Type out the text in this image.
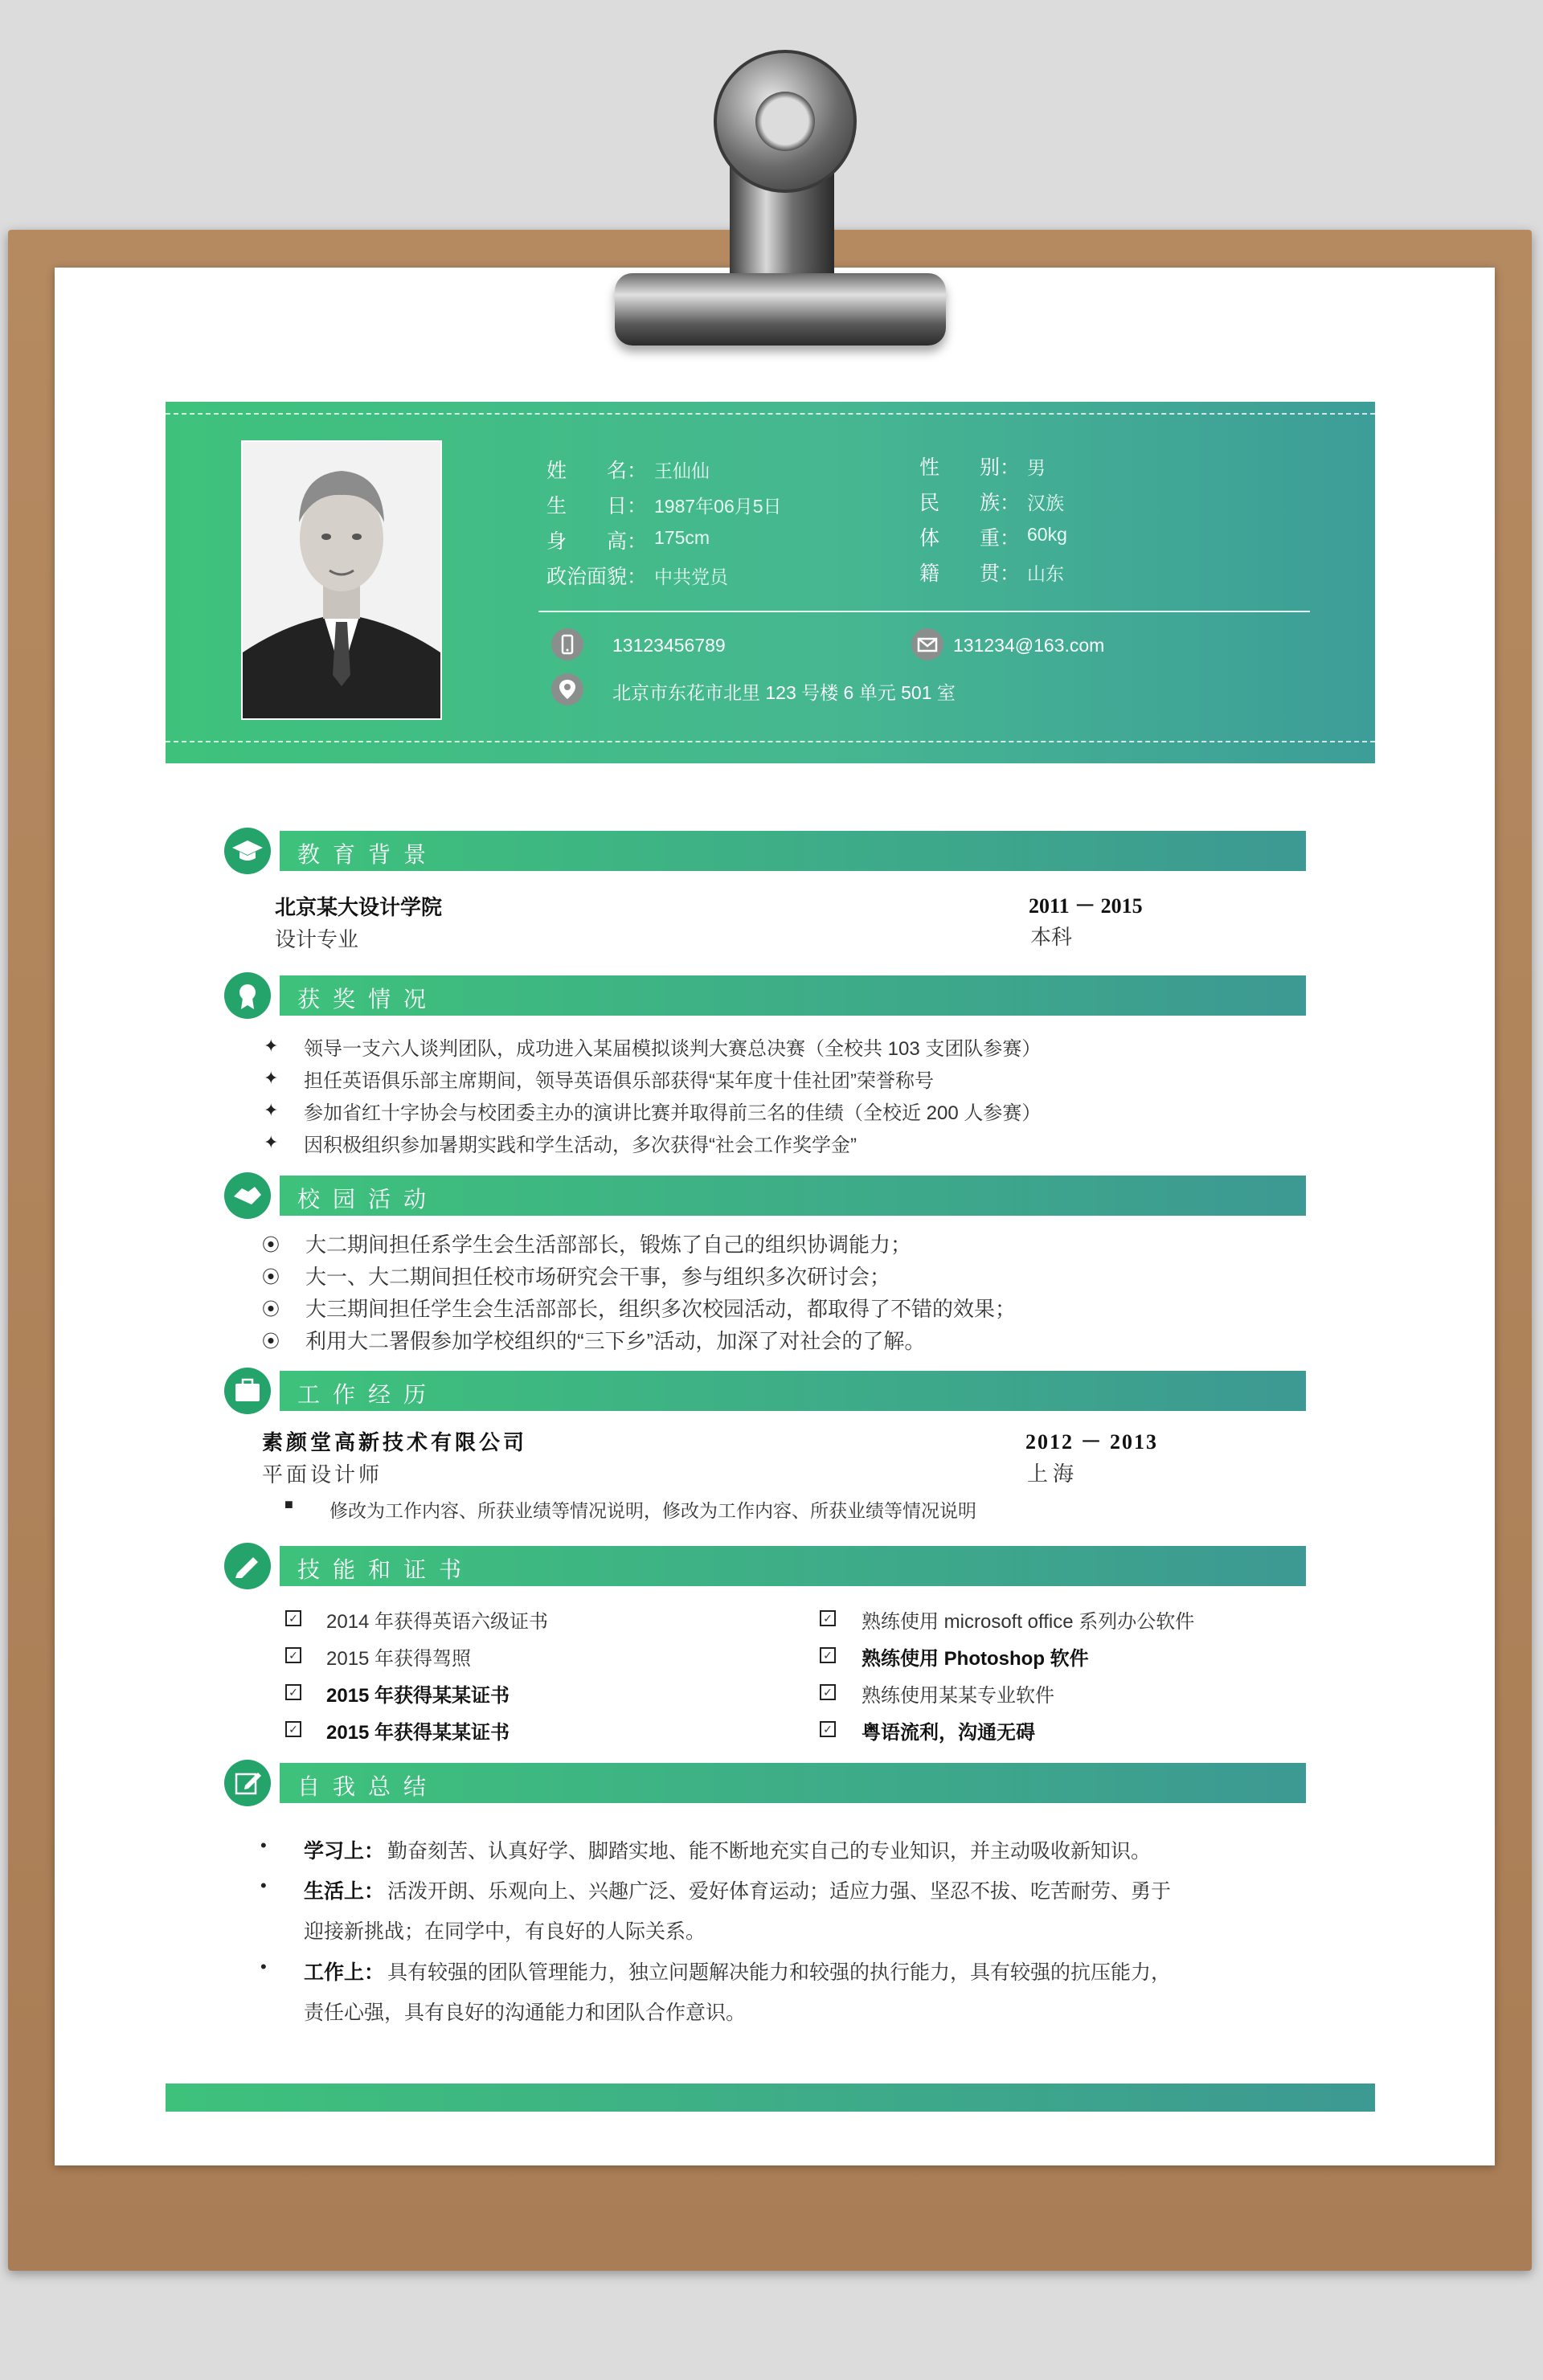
姓　　名： 王仙仙
生　　日： 1987年06月5日
身　　高： 175cm
政治面貌： 中共党员
性　　别： 男
民　　族： 汉族
体　　重： 60kg
籍　　贯： 山东
13123456789	131234@163.com
北京市东花市北里 123 号楼 6 单元 501 室
教育背景
北京某大设计学院
设计专业
2011 － 2015
本科
获奖情况
✦ 领导一支六人谈判团队，成功进入某届模拟谈判大赛总决赛（全校共 103 支团队参赛）
✦ 担任英语俱乐部主席期间，领导英语俱乐部获得“某年度十佳社团”荣誉称号
✦ 参加省红十字协会与校团委主办的演讲比赛并取得前三名的佳绩（全校近 200 人参赛）
✦ 因积极组织参加暑期实践和学生活动，多次获得“社会工作奖学金”
校园活动
⦿ 大二期间担任系学生会生活部部长，锻炼了自己的组织协调能力；
⦿ 大一、大二期间担任校市场研究会干事，参与组织多次研讨会；
⦿ 大三期间担任学生会生活部部长，组织多次校园活动，都取得了不错的效果；
⦿ 利用大二署假参加学校组织的“三下乡”活动，加深了对社会的了解。
工作经历
素颜堂高新技术有限公司
平面设计师
2012 － 2013
上海
■ 修改为工作内容、所获业绩等情况说明，修改为工作内容、所获业绩等情况说明
技能和证书
✓ 2014 年获得英语六级证书
✓ 2015 年获得驾照
✓ 2015 年获得某某证书
✓ 2015 年获得某某证书
✓ 熟练使用 microsoft office 系列办公软件
✓ 熟练使用 Photoshop 软件
✓ 熟练使用某某专业软件
✓ 粤语流利，沟通无碍
自我总结
• 学习上： 勤奋刻苦、认真好学、脚踏实地、能不断地充实自己的专业知识，并主动吸收新知识。
• 生活上： 活泼开朗、乐观向上、兴趣广泛、爱好体育运动；适应力强、坚忍不拔、吃苦耐劳、勇于
迎接新挑战；在同学中，有良好的人际关系。
• 工作上： 具有较强的团队管理能力，独立问题解决能力和较强的执行能力，具有较强的抗压能力，
责任心强，具有良好的沟通能力和团队合作意识。
